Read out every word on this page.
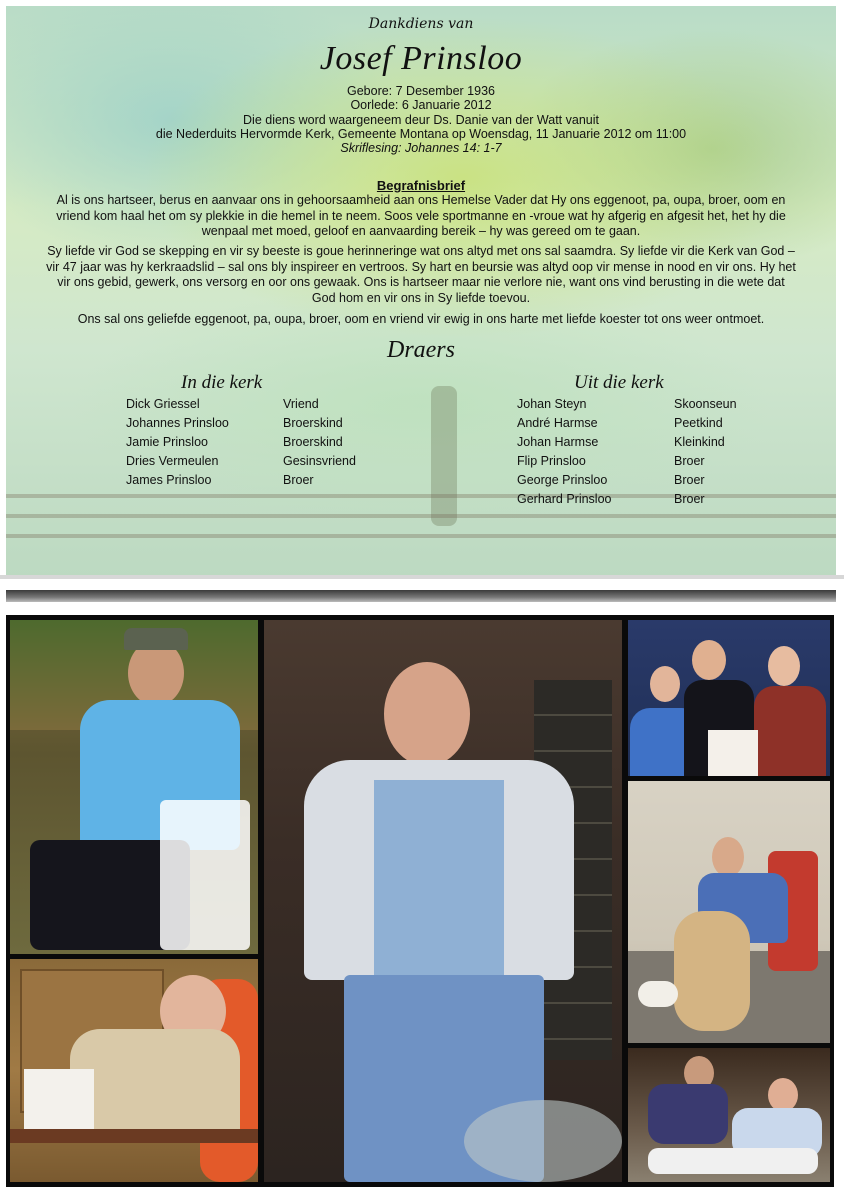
Dankdiens van
Josef Prinsloo
Gebore: 7 Desember 1936
Oorlede: 6 Januarie 2012
Die diens word waargeneem deur Ds. Danie van der Watt vanuit
die Nederduits Hervormde Kerk, Gemeente Montana op Woensdag, 11 Januarie 2012 om 11:00
Skriflesing: Johannes 14: 1-7
Begrafnisbrief
Al is ons hartseer, berus en aanvaar ons in gehoorsaamheid aan ons Hemelse Vader dat Hy ons eggenoot, pa, oupa, broer, oom en vriend kom haal het om sy plekkie in die hemel in te neem. Soos vele sportmanne en -vroue wat hy afgerig en afgesit het, het hy die wenpaal met moed, geloof en aanvaarding bereik – hy was gereed om te gaan.
Sy liefde vir God se skepping en vir sy beeste is goue herinneringe wat ons altyd met ons sal saamdra. Sy liefde vir die Kerk van God – vir 47 jaar was hy kerkraadslid – sal ons bly inspireer en vertroos. Sy hart en beursie was altyd oop vir mense in nood en vir ons. Hy het vir ons gebid, gewerk, ons versorg en oor ons gewaak. Ons is hartseer maar nie verlore nie, want ons vind berusting in die wete dat God hom en vir ons in Sy liefde toevou.
Ons sal ons geliefde eggenoot, pa, oupa, broer, oom en vriend vir ewig in ons harte met liefde koester tot ons weer ontmoet.
Draers
In die kerk	Uit die kerk
Dick Griessel
Johannes Prinsloo
Jamie Prinsloo
Dries Vermeulen
James Prinsloo
Vriend
Broerskind
Broerskind
Gesinsvriend
Broer
Johan Steyn
André Harmse
Johan Harmse
Flip Prinsloo
George Prinsloo
Gerhard Prinsloo
Skoonseun
Peetkind
Kleinkind
Broer
Broer
Broer
